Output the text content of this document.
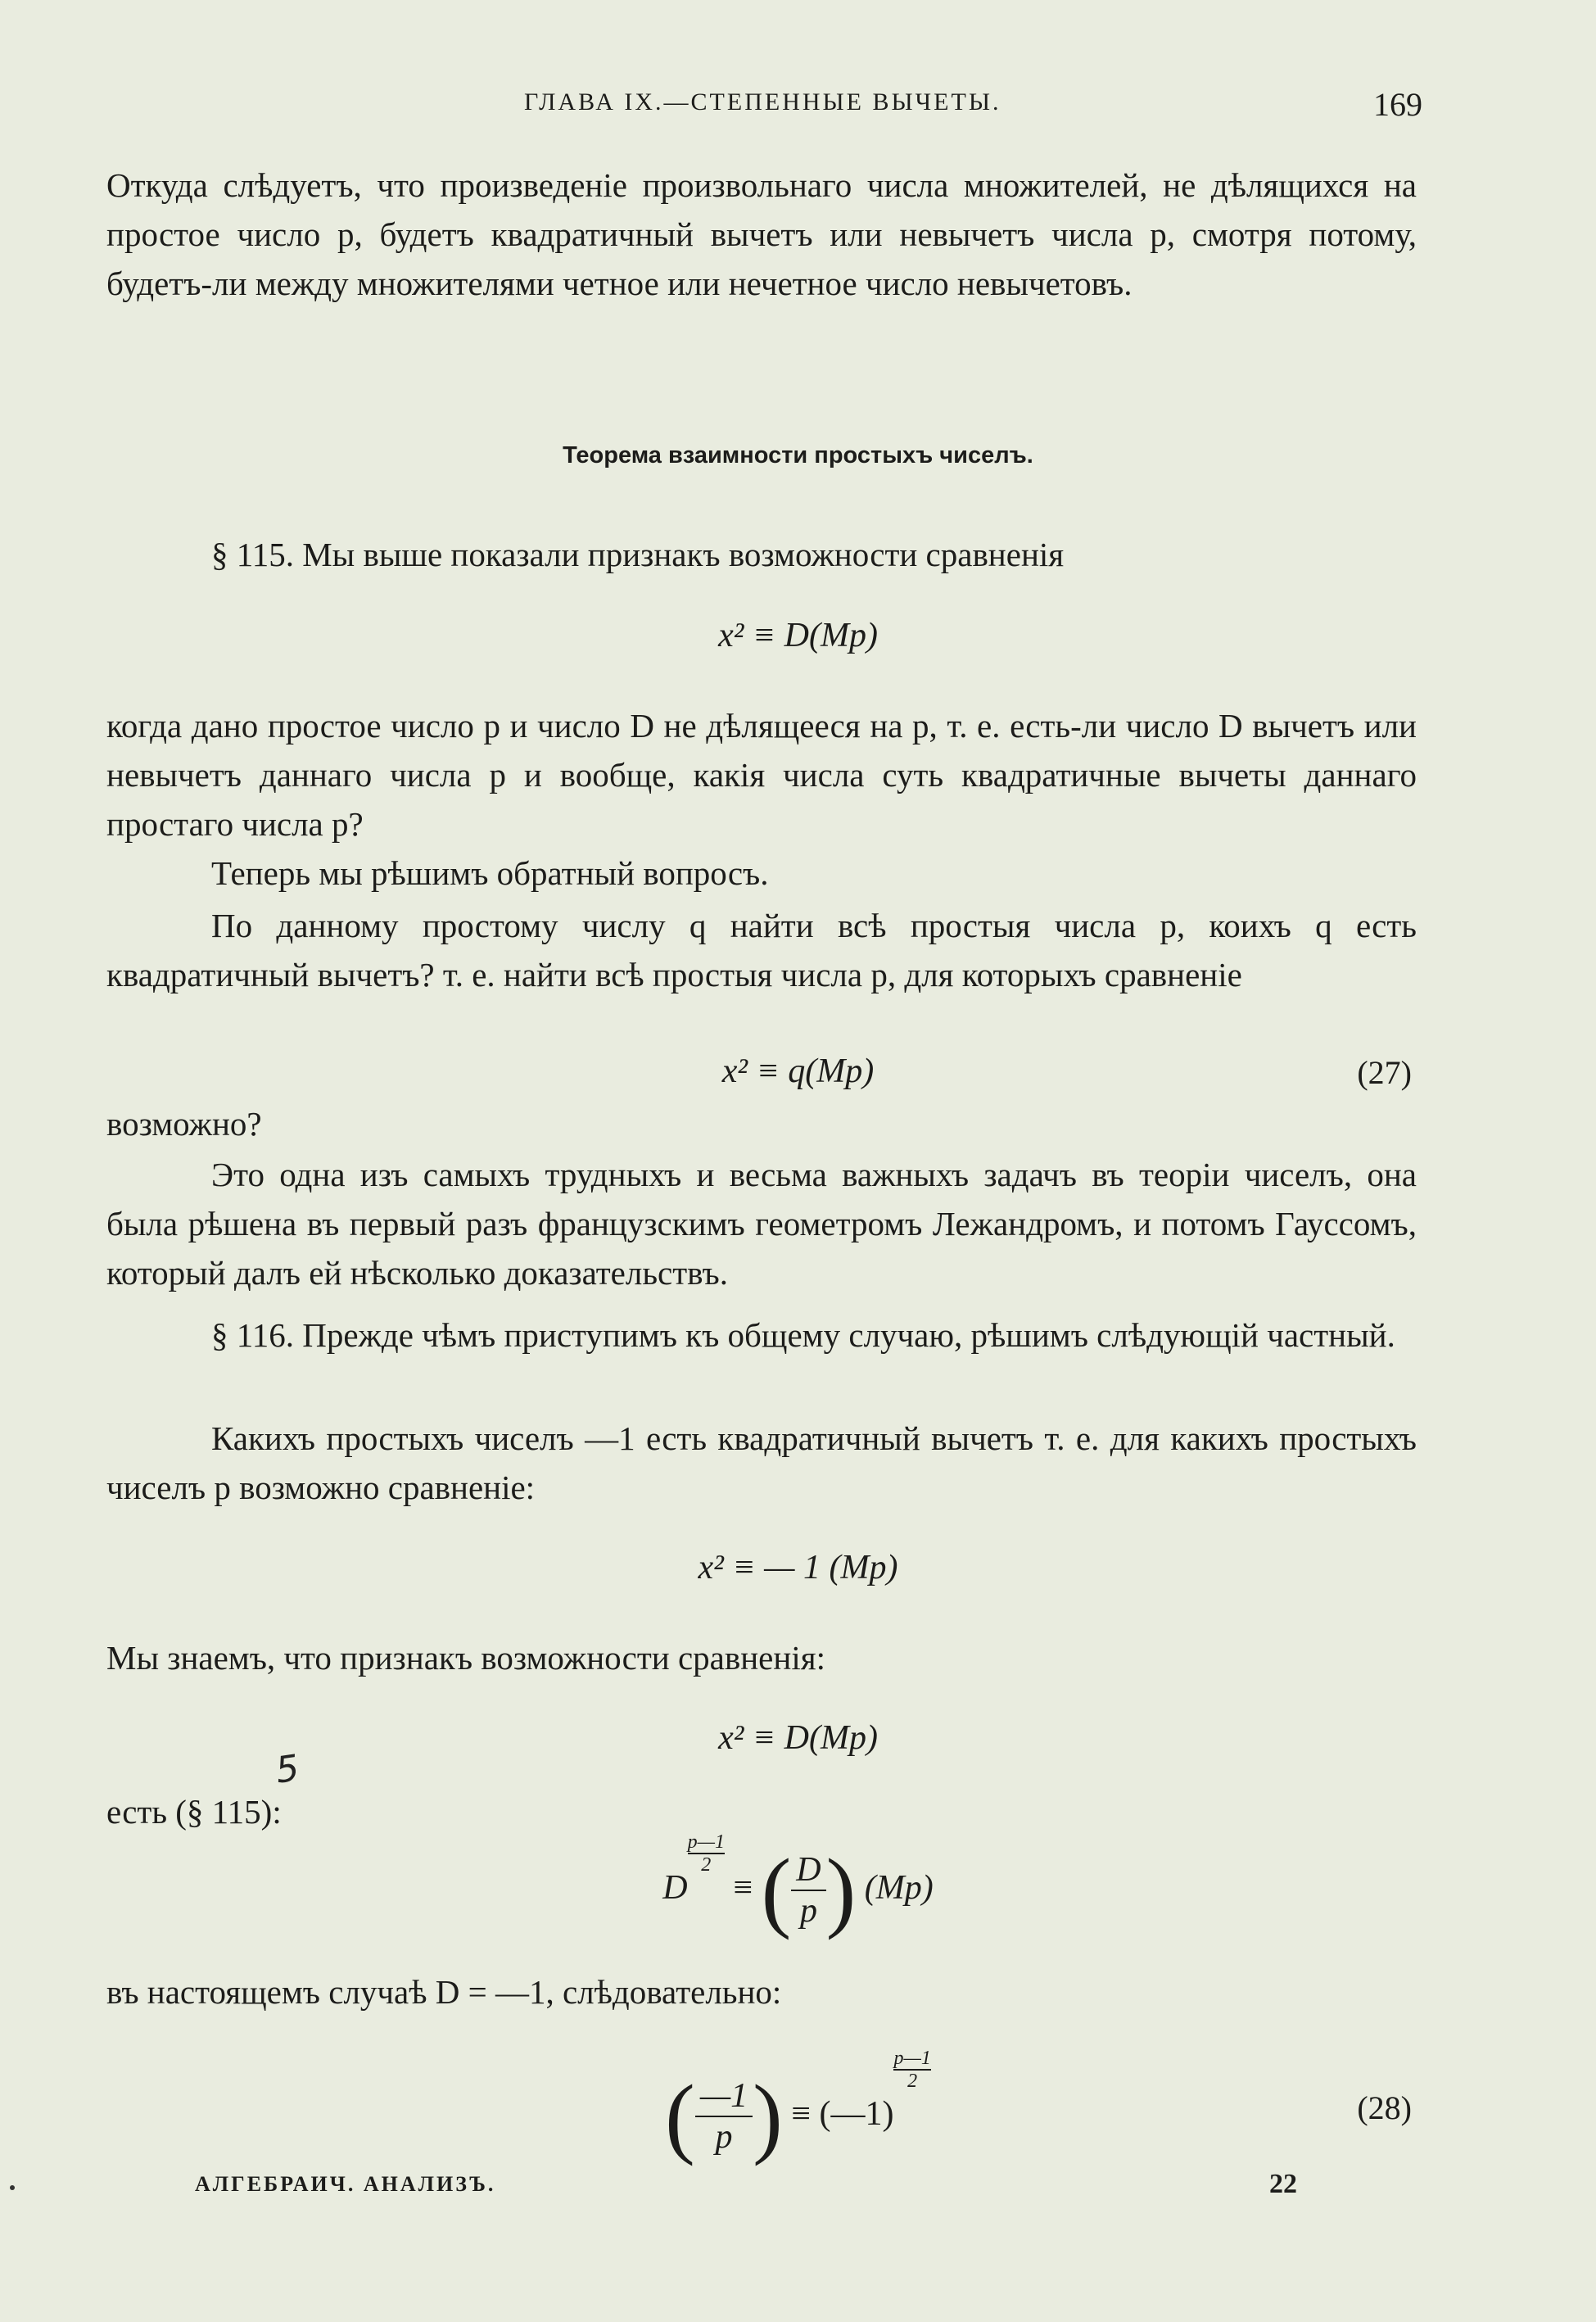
ГЛАВА IX.—СТЕПЕННЫЕ ВЫЧЕТЫ.	169
Откуда слѣдуетъ, что произведеніе произвольнаго числа множителей, не дѣлящихся на простое число p, будетъ квадратичный вычетъ или невычетъ числа p, смотря потому, будетъ-ли между множителями четное или нечетное число невычетовъ.
Теорема взаимности простыхъ чиселъ.
§ 115. Мы выше показали признакъ возможности сравненія
x² ≡ D(Mp)
когда дано простое число p и число D не дѣлящееся на p, т. е. есть-ли число D вычетъ или невычетъ даннаго числа p и вообще, какія числа суть квадратичные вычеты даннаго простаго числа p?
Теперь мы рѣшимъ обратный вопросъ.
По данному простому числу q найти всѣ простыя числа p, коихъ q есть квадратичный вычетъ? т. е. найти всѣ простыя числа p, для которыхъ сравненіе
x² ≡ q(Mp)	(27)
возможно?
Это одна изъ самыхъ трудныхъ и весьма важныхъ задачъ въ теоріи чиселъ, она была рѣшена въ первый разъ французскимъ геометромъ Лежандромъ, и потомъ Гауссомъ, который далъ ей нѣсколько доказательствъ.
§ 116. Прежде чѣмъ приступимъ къ общему случаю, рѣшимъ слѣдующій частный.
Какихъ простыхъ чиселъ —1 есть квадратичный вычетъ т. е. для какихъ простыхъ чиселъ p возможно сравненіе:
x² ≡ — 1 (Mp)
Мы знаемъ, что признакъ возможности сравненія:
x² ≡ D(Mp)
есть (§ 115):
5
D
$\frac{p—1}{2}$ ≡ ( $\frac{D}{p}$ ) (Mp)
въ настоящемъ случаѣ D = —1, слѣдовательно:
( $\frac{—1}{p}$ ) ≡ (—1)
$\frac{p—1}{2}$
(28)
АЛГЕБРАИЧ. АНАЛИЗЪ.	22
